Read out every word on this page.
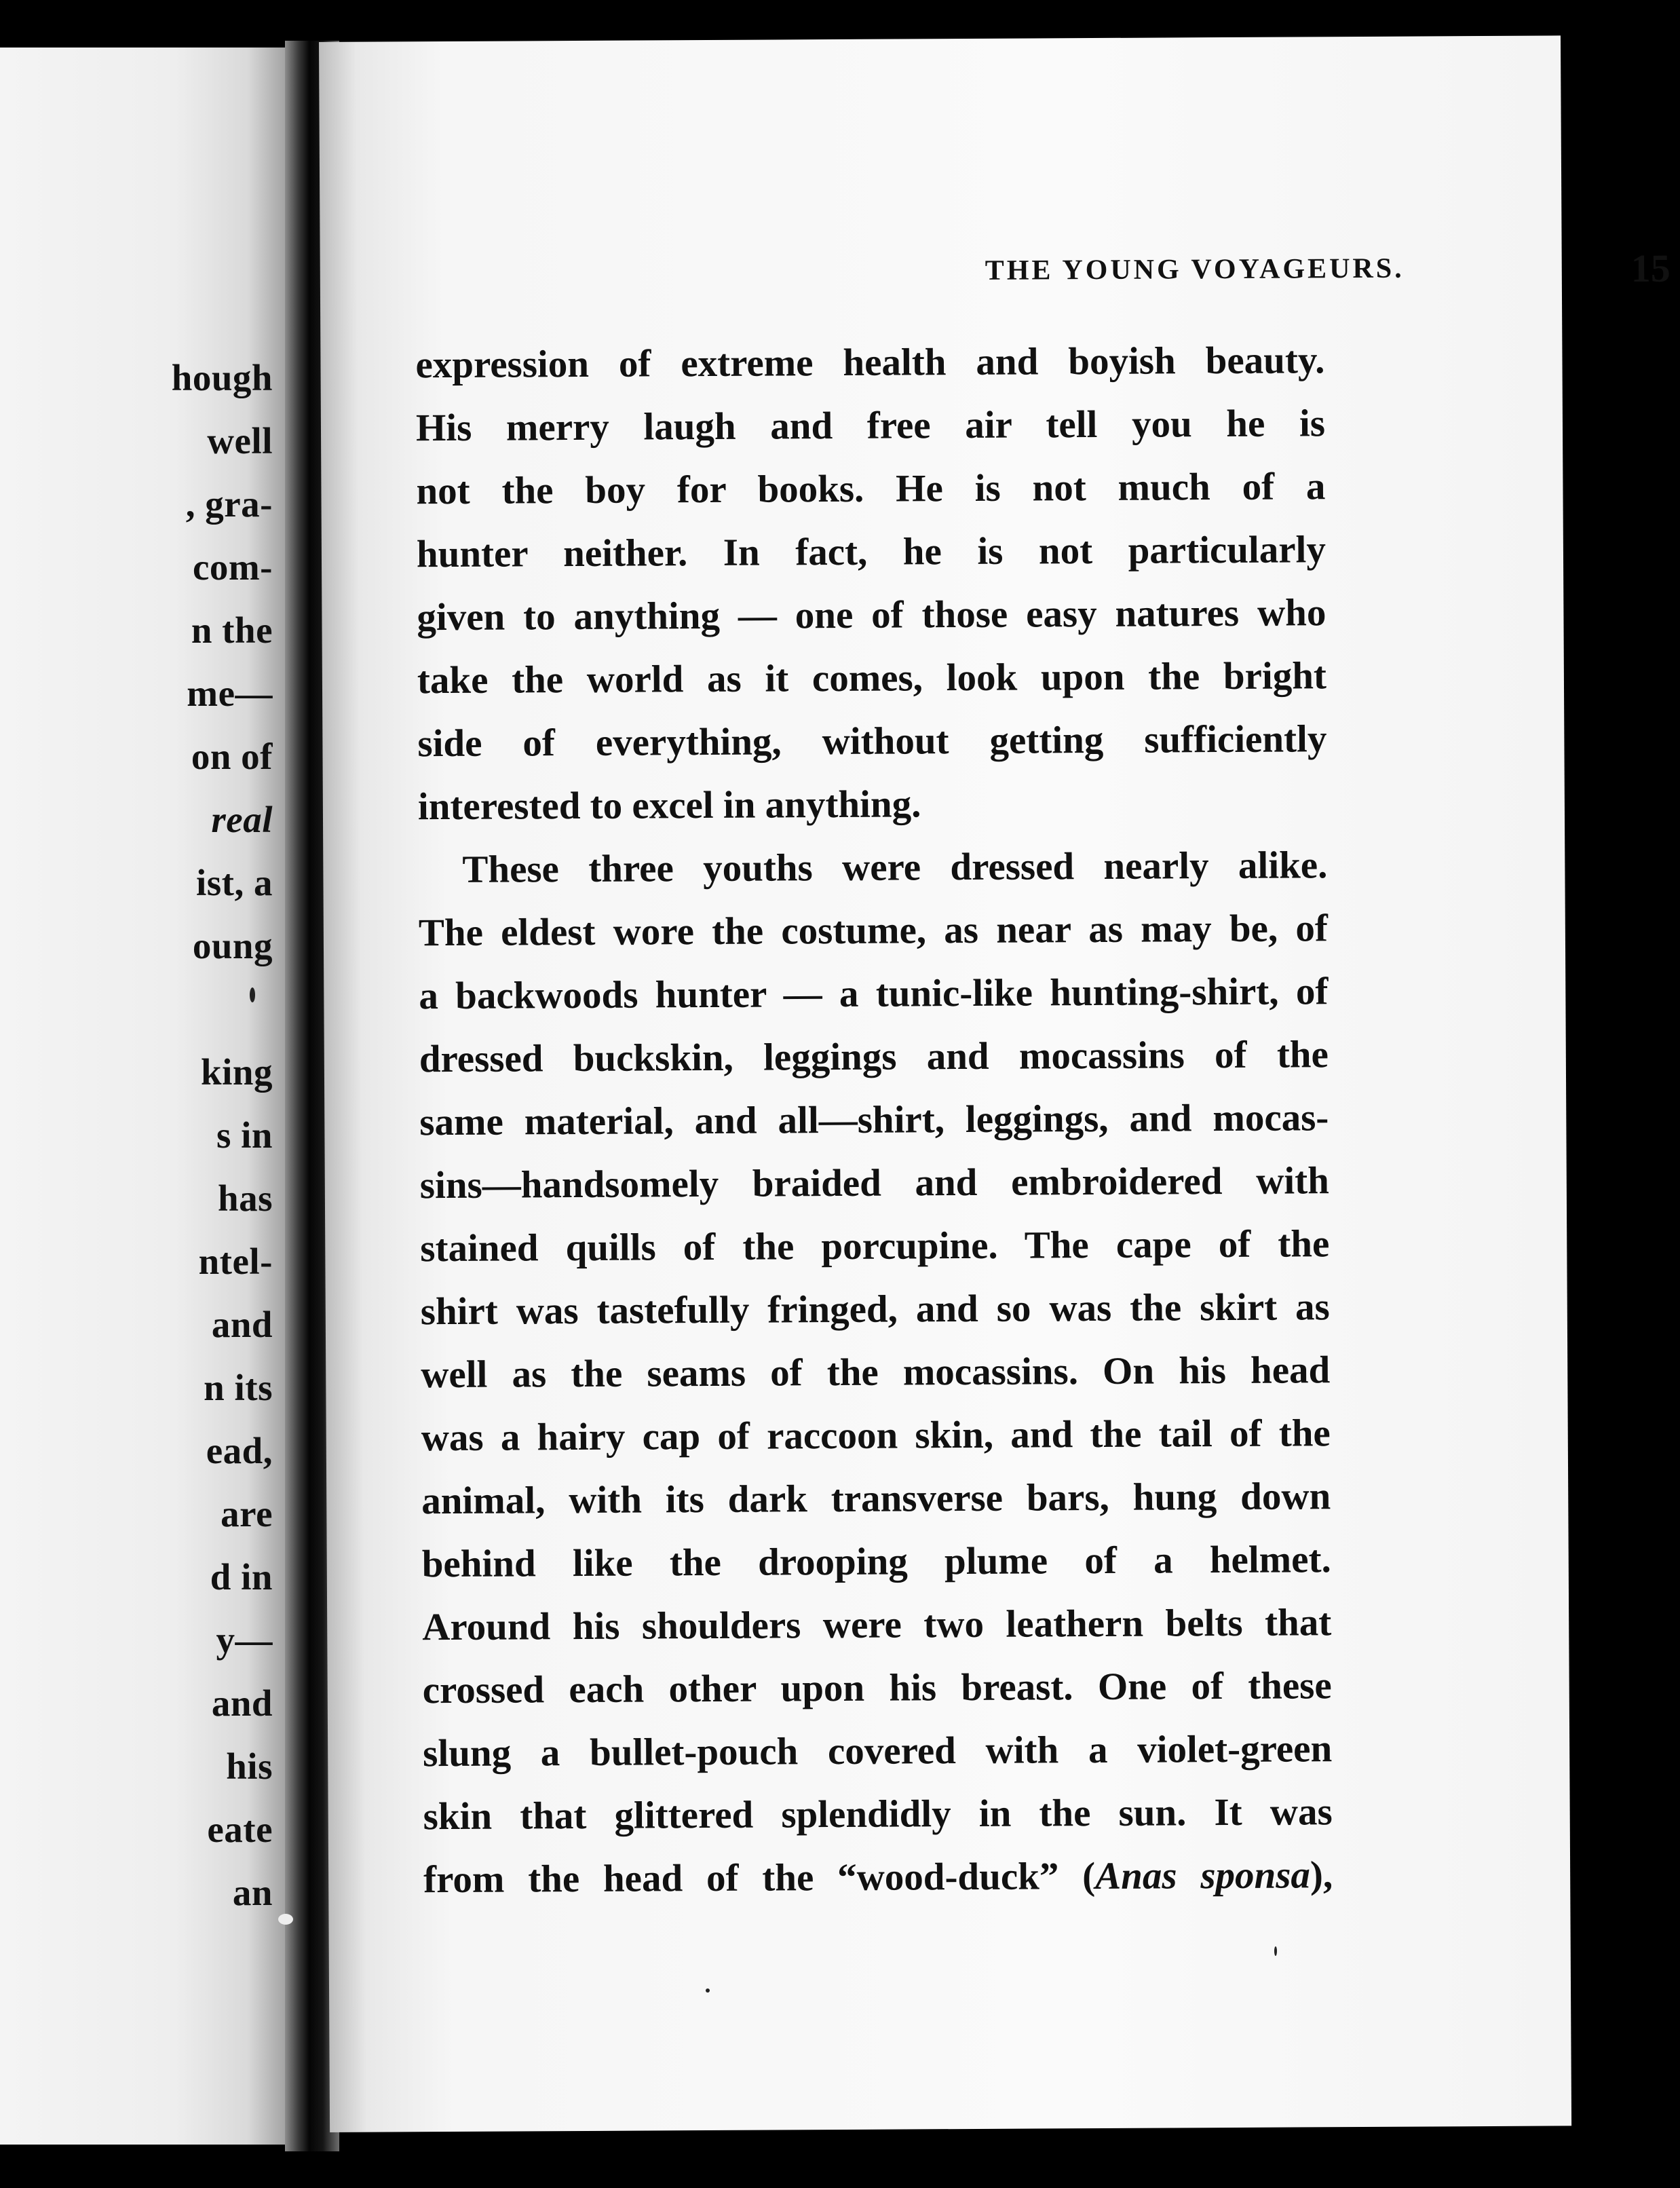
hough
well
, gra-
com-
n the
me—
on of
real
ist, a
oung

king
s in
has
ntel-
and
n its
ead,
are
d in
y—
and
his
eate
an
THE YOUNG VOYAGEURS.	15
expression of extreme health and boyish beauty.
His merry laugh and free air tell you he is
not the boy for books. He is not much of a
hunter neither. In fact, he is not particularly
given to anything — one of those easy natures who
take the world as it comes, look upon the bright
side of everything, without getting sufficiently
interested to excel in anything.
These three youths were dressed nearly alike.
The eldest wore the costume, as near as may be, of
a backwoods hunter — a tunic-like hunting-shirt, of
dressed buckskin, leggings and mocassins of the
same material, and all—shirt, leggings, and mocas-
sins—handsomely braided and embroidered with
stained quills of the porcupine. The cape of the
shirt was tastefully fringed, and so was the skirt as
well as the seams of the mocassins. On his head
was a hairy cap of raccoon skin, and the tail of the
animal, with its dark transverse bars, hung down
behind like the drooping plume of a helmet.
Around his shoulders were two leathern belts that
crossed each other upon his breast. One of these
slung a bullet-pouch covered with a violet-green
skin that glittered splendidly in the sun. It was
from the head of the “wood-duck” (Anas sponsa),
